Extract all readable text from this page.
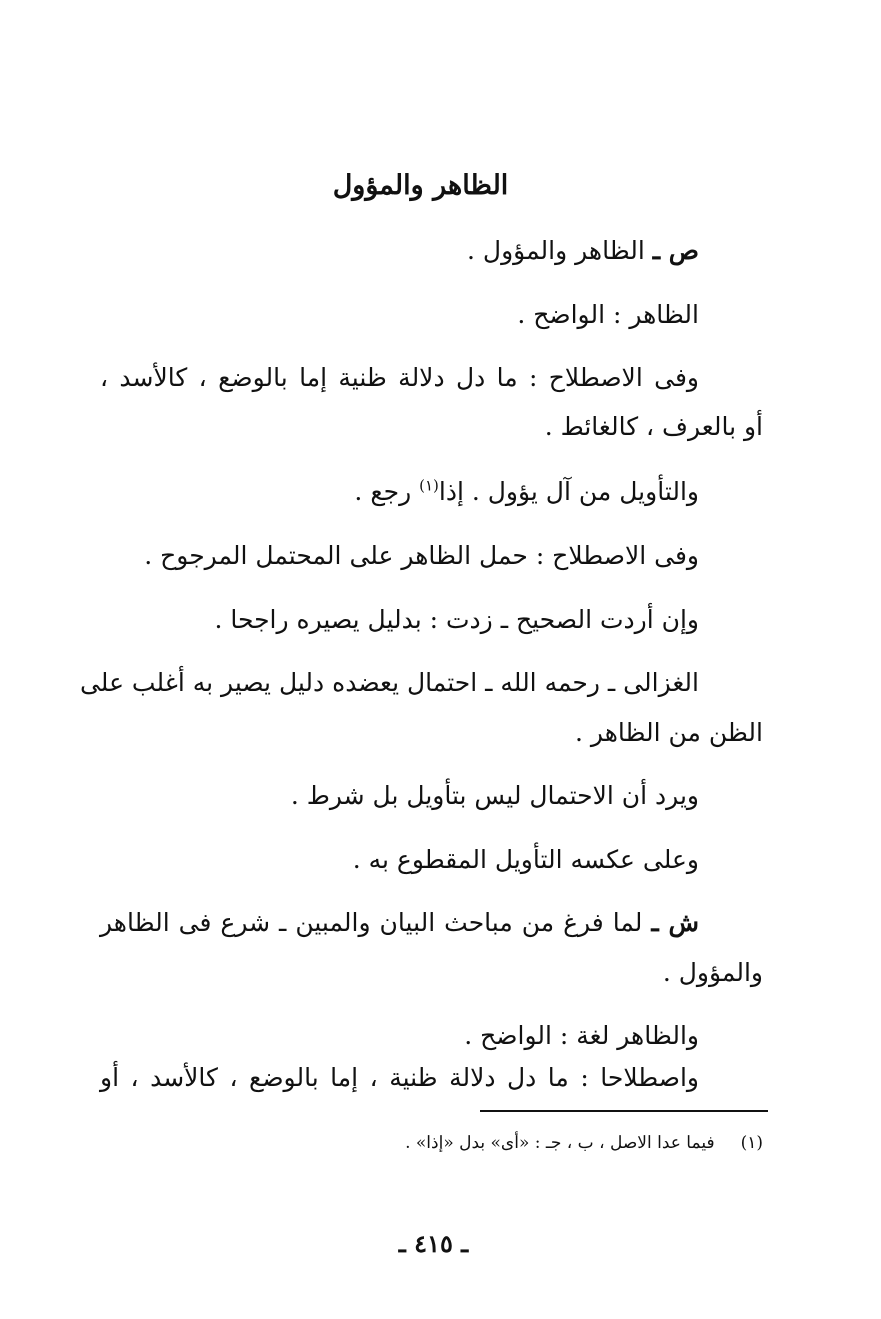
الظاهر والمؤول
ص ـ الظاهر والمؤول .
الظاهر : الواضح .
وفى الاصطلاح : ما دل دلالة ظنية إما بالوضع ، كالأسد ،
أو بالعرف ، كالغائط .
والتأويل من آل يؤول . إذا$^{(١)}$ رجع .
وفى الاصطلاح : حمل الظاهر على المحتمل المرجوح .
وإن أردت الصحيح ـ زدت : بدليل يصيره راجحا .
الغزالى ـ رحمه الله ـ احتمال يعضده دليل يصير به أغلب على
الظن من الظاهر .
ويرد أن الاحتمال ليس بتأويل بل شرط .
وعلى عكسه التأويل المقطوع به .
ش ـ لما فرغ من مباحث البيان والمبين ـ شرع فى الظاهر
والمؤول .
والظاهر لغة : الواضح .
واصطلاحا : ما دل دلالة ظنية ، إما بالوضع ، كالأسد ، أو
(١)فيما عدا الاصل ، ب ، جـ : «أى» بدل «إذا» .
ـ ٤١٥ ـ
